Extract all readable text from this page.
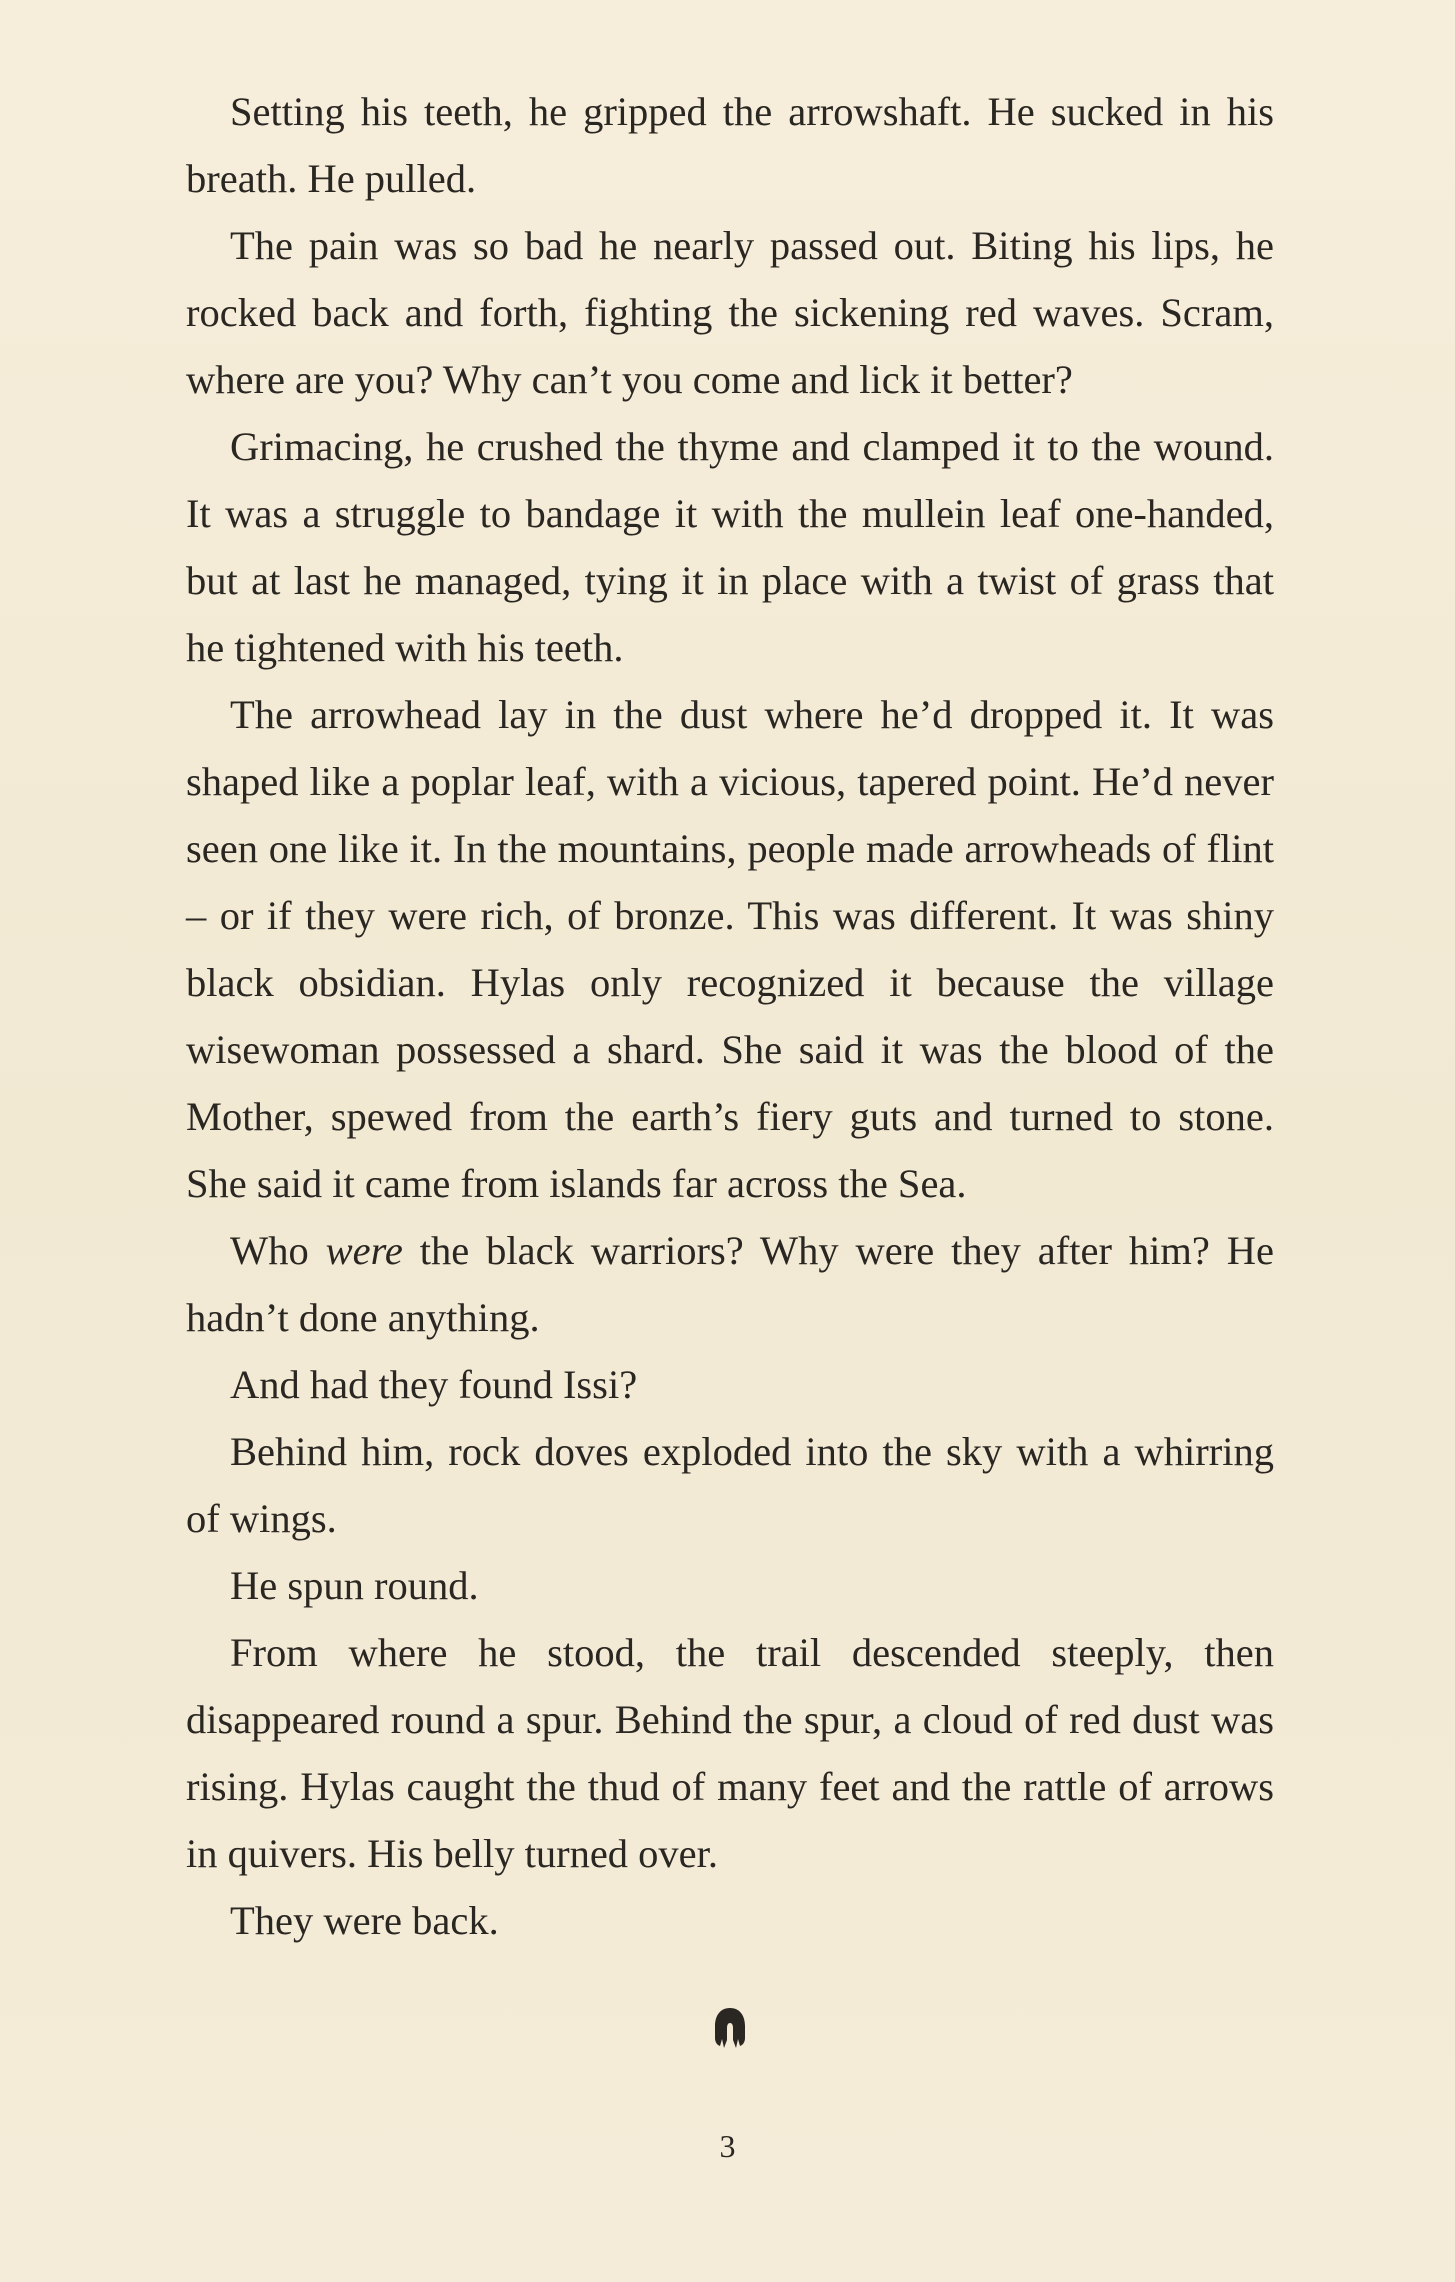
Setting his teeth, he gripped the arrowshaft. He sucked in his breath. He pulled.

The pain was so bad he nearly passed out. Biting his lips, he rocked back and forth, fighting the sickening red waves. Scram, where are you? Why can’t you come and lick it better?

Grimacing, he crushed the thyme and clamped it to the wound. It was a struggle to bandage it with the mullein leaf one-handed, but at last he managed, tying it in place with a twist of grass that he tightened with his teeth.

The arrowhead lay in the dust where he’d dropped it. It was shaped like a poplar leaf, with a vicious, tapered point. He’d never seen one like it. In the mountains, people made arrowheads of flint – or if they were rich, of bronze. This was different. It was shiny black obsidian. Hylas only recognized it because the village wisewoman possessed a shard. She said it was the blood of the Mother, spewed from the earth’s fiery guts and turned to stone. She said it came from islands far across the Sea.

Who were the black warriors? Why were they after him? He hadn’t done anything.

And had they found Issi?

Behind him, rock doves exploded into the sky with a whirring of wings.

He spun round.

From where he stood, the trail descended steeply, then disappeared round a spur. Behind the spur, a cloud of red dust was rising. Hylas caught the thud of many feet and the rattle of arrows in quivers. His belly turned over.

They were back.

3
